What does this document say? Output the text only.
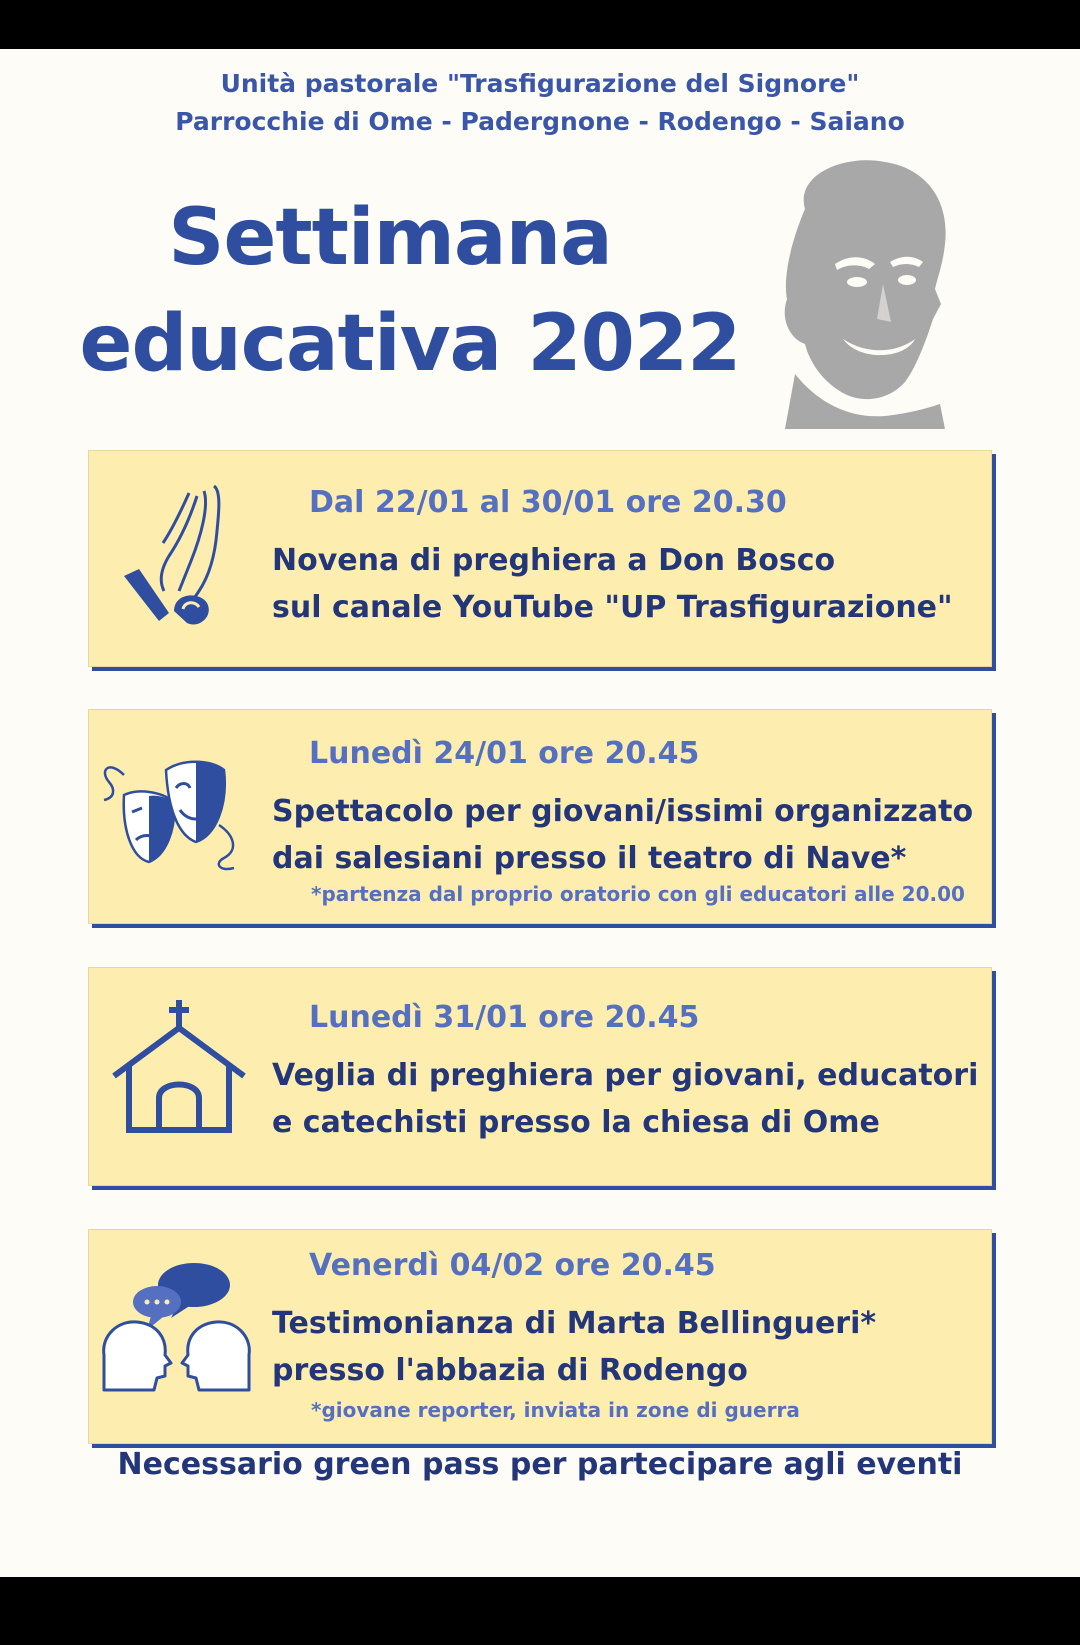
Unità pastorale "Trasfigurazione del Signore"
Parrocchie di Ome - Padergnone - Rodengo - Saiano
Settimana
educativa 2022
Dal 22/01 al 30/01 ore 20.30
Novena di preghiera a Don Bosco
sul canale YouTube "UP Trasfigurazione"
Lunedì 24/01 ore 20.45
Spettacolo per giovani/issimi organizzato
dai salesiani presso il teatro di Nave*
*partenza dal proprio oratorio con gli educatori alle 20.00
Lunedì 31/01 ore 20.45
Veglia di preghiera per giovani, educatori
e catechisti presso la chiesa di Ome
Venerdì 04/02 ore 20.45
Testimonianza di Marta Bellingueri*
presso l'abbazia di Rodengo
*giovane reporter, inviata in zone di guerra
Necessario green pass per partecipare agli eventi
